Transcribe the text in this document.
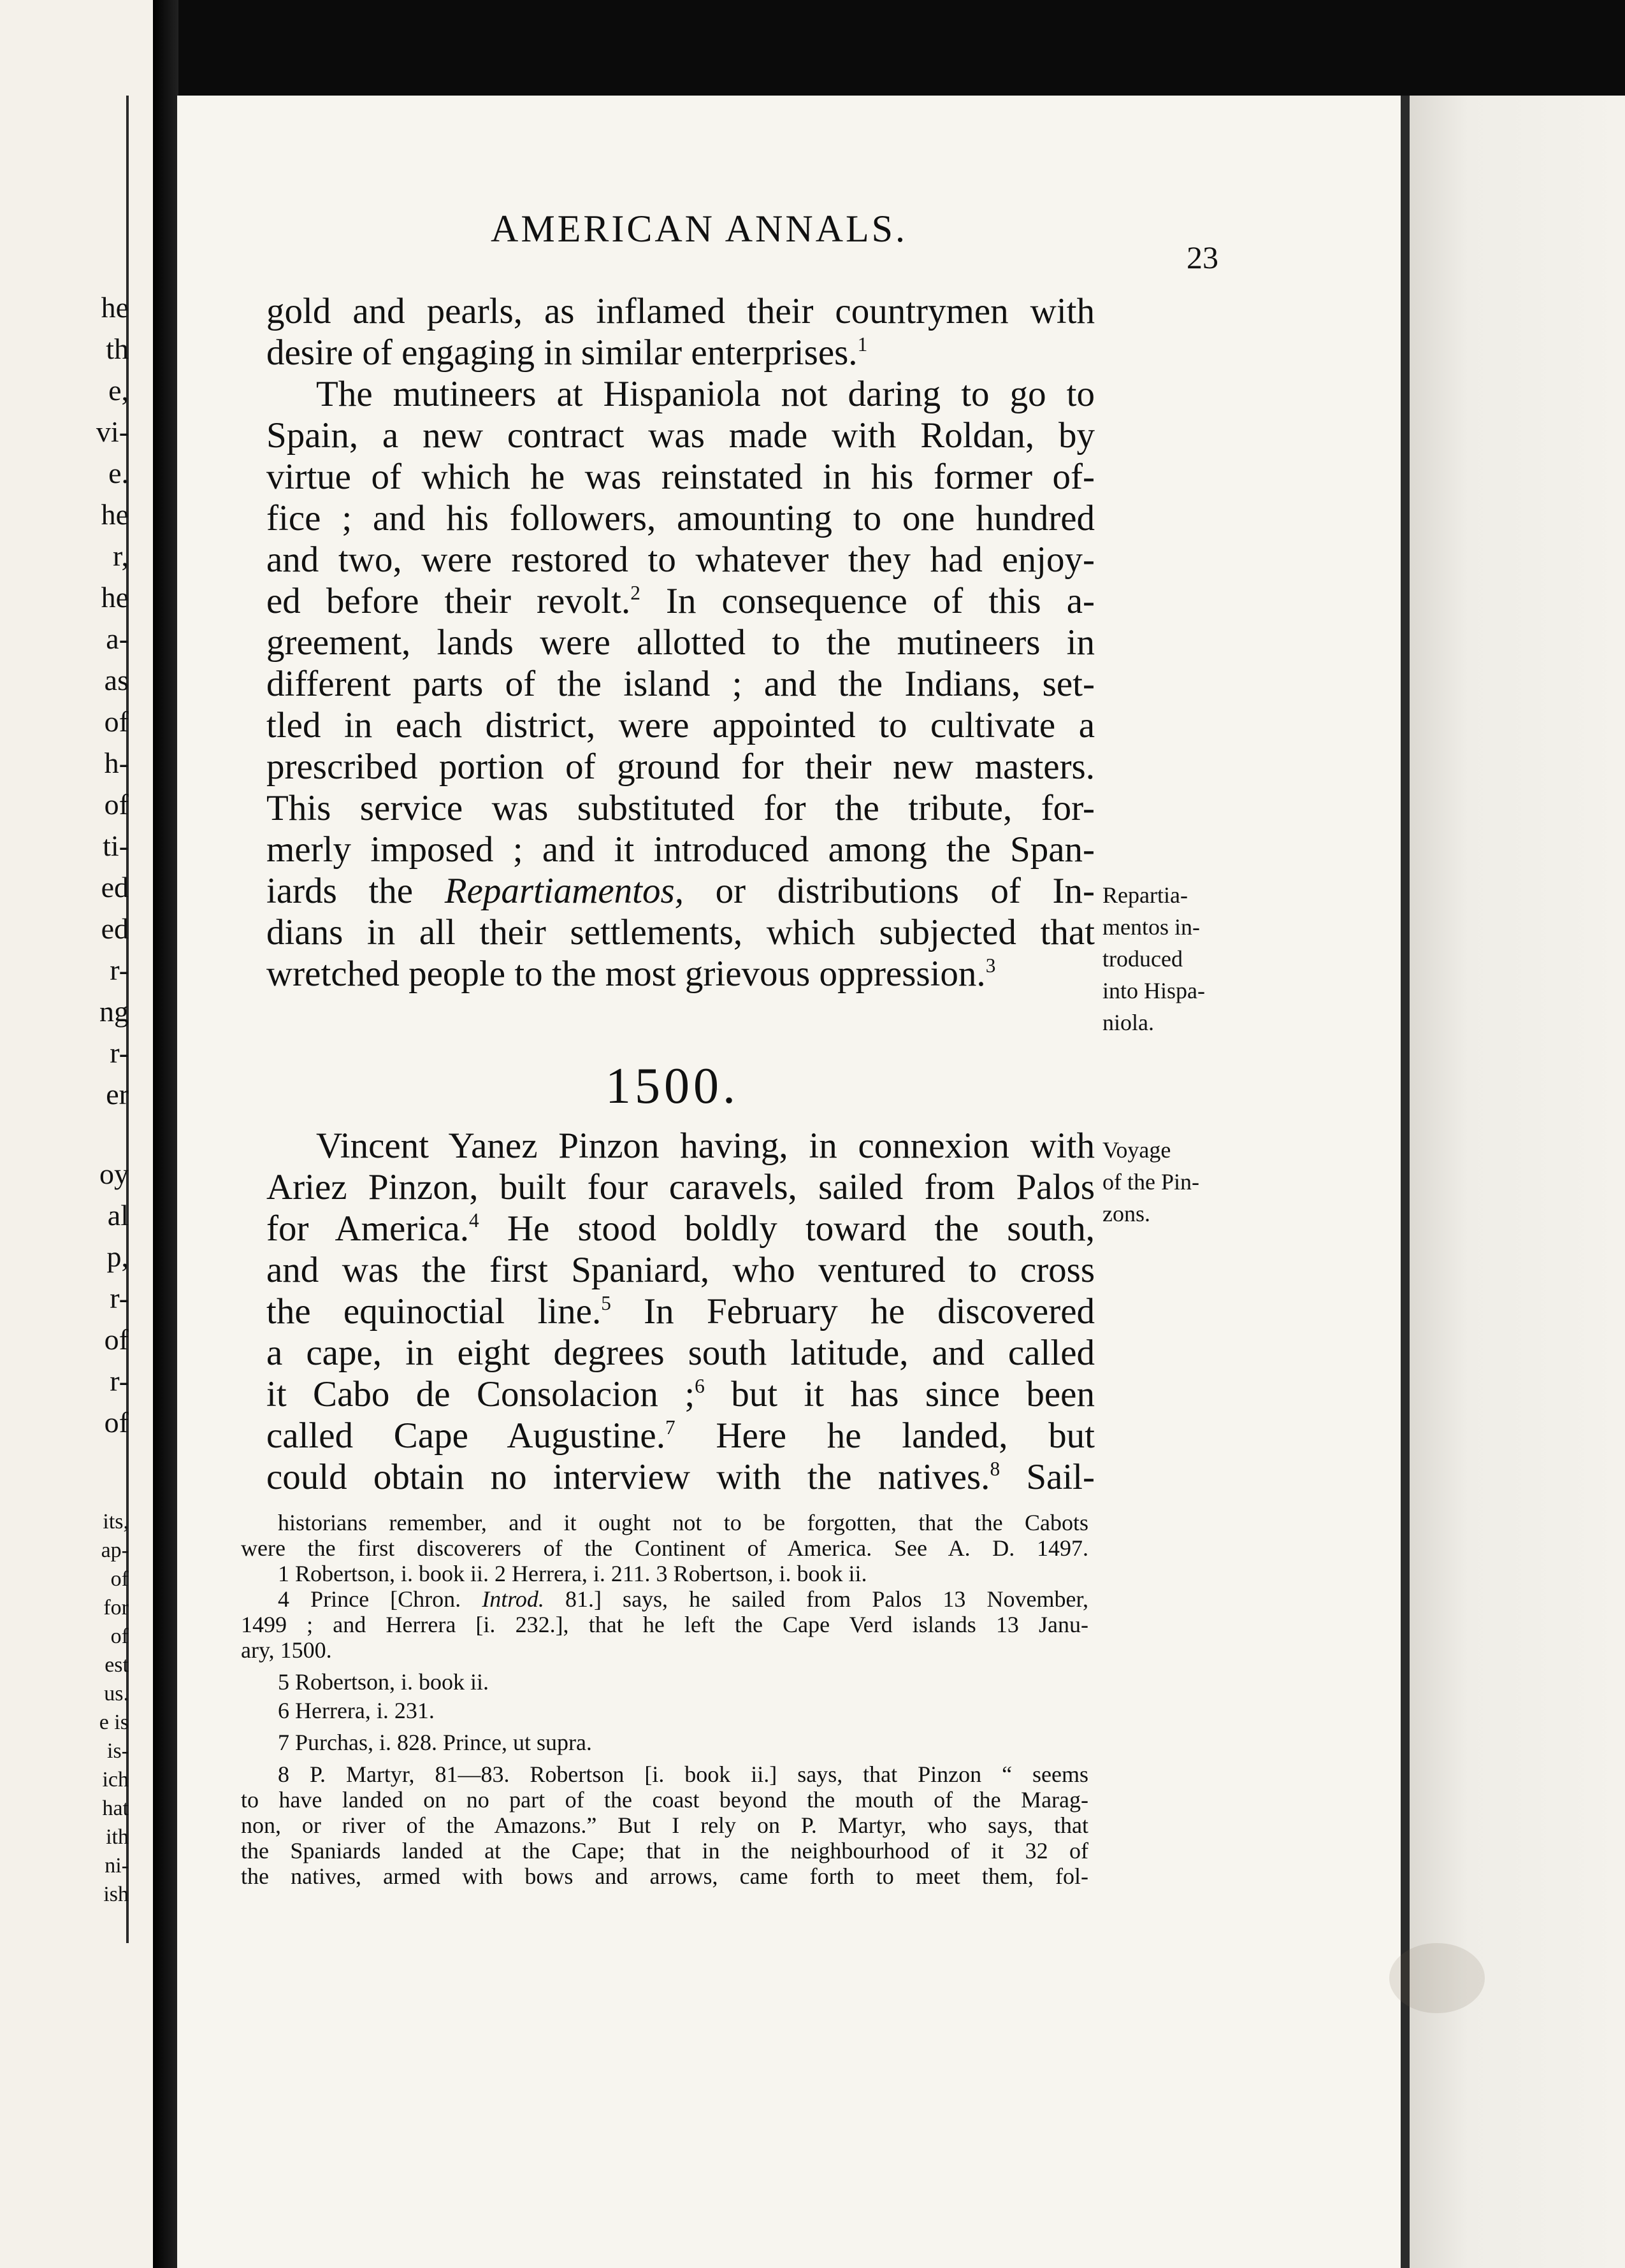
he
th
e,
vi-
e.
he
r,
he
a-
as
of
h-
of
ti-
ed
ed
r-
ng
r-
er
oy
al
p,
r-
of
r-
of
its,
ap-
of
for
of
est
us.
e is
is-
ich
hat
ith
ni-
ish
AMERICAN ANNALS.
23
gold and pearls, as inflamed their countrymen with
desire of engaging in similar enterprises.$^1$
The mutineers at Hispaniola not daring to go to
Spain, a new contract was made with Roldan, by
virtue of which he was reinstated in his former of-
fice ; and his followers, amounting to one hundred
and two, were restored to whatever they had enjoy-
ed before their revolt.$^2$ In consequence of this a-
greement, lands were allotted to the mutineers in
different parts of the island ; and the Indians, set-
tled in each district, were appointed to cultivate a
prescribed portion of ground for their new masters.
This service was substituted for the tribute, for-
merly imposed ; and it introduced among the Span-
iards the Repartiamentos, or distributions of In-
dians in all their settlements, which subjected that
wretched people to the most grievous oppression.$^3$
Repartia-
mentos in-
troduced
into Hispa-
niola.
1500.
Vincent Yanez Pinzon having, in connexion with
Ariez Pinzon, built four caravels, sailed from Palos
for America.$^4$ He stood boldly toward the south,
and was the first Spaniard, who ventured to cross
the equinoctial line.$^5$ In February he discovered
a cape, in eight degrees south latitude, and called
it Cabo de Consolacion ;$^6$ but it has since been
called Cape Augustine.$^7$ Here he landed, but
could obtain no interview with the natives.$^8$ Sail-
Voyage
of the Pin-
zons.
historians remember, and it ought not to be forgotten, that the Cabots
were the first discoverers of the Continent of America. See A. D. 1497.
1 Robertson, i. book ii. 2 Herrera, i. 211. 3 Robertson, i. book ii.
4 Prince [Chron. Introd. 81.] says, he sailed from Palos 13 November,
1499 ; and Herrera [i. 232.], that he left the Cape Verd islands 13 Janu-
ary, 1500.
5 Robertson, i. book ii.
6 Herrera, i. 231.
7 Purchas, i. 828. Prince, ut supra.
8 P. Martyr, 81—83. Robertson [i. book ii.] says, that Pinzon “ seems
to have landed on no part of the coast beyond the mouth of the Marag-
non, or river of the Amazons.” But I rely on P. Martyr, who says, that
the Spaniards landed at the Cape; that in the neighbourhood of it 32 of
the natives, armed with bows and arrows, came forth to meet them, fol-
